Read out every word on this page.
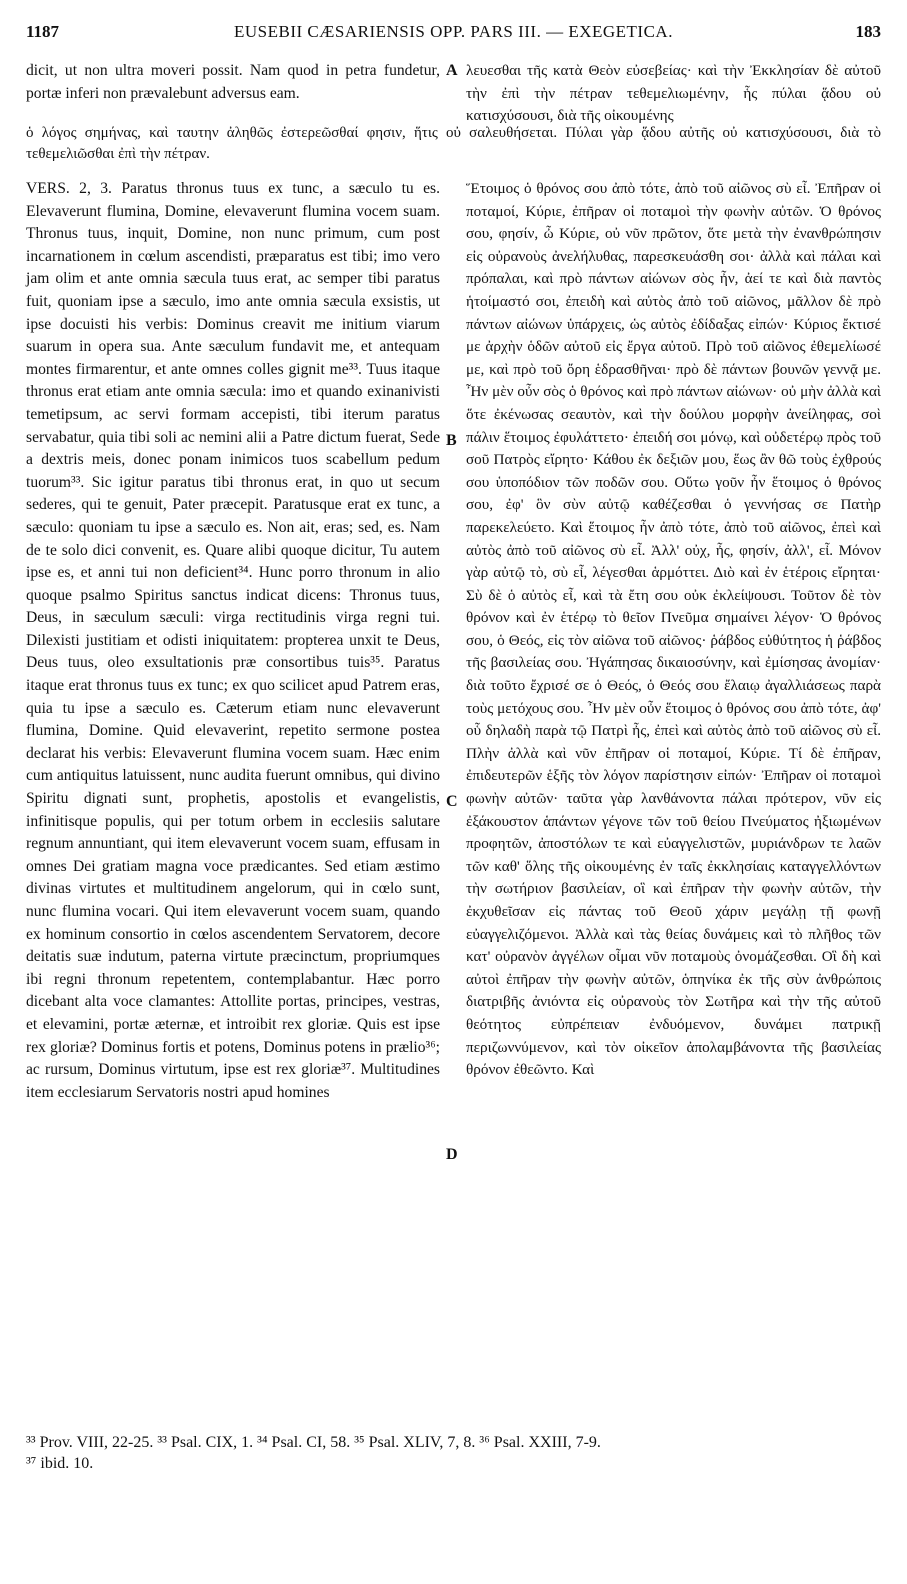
1187	EUSEBII CÆSARIENSIS OPP. PARS III. — EXEGETICA.	183
dicit, ut non ultra moveri possit. Nam quod in petra fundetur, portæ inferi non prævalebunt adversus eam.
λευεσθαι τῆς κατὰ Θεὸν εὐσεβείας· καὶ τὴν Ἐκκλησίαν δὲ αὐτοῦ τὴν ἐπὶ τὴν πέτραν τεθεμελιωμένην, ἧς πύλαι ᾅδου οὐ κατισχύσουσι, διὰ τῆς οἰκουμένης
ὁ λόγος σημήνας, καὶ ταυτην ἀληθῶς ἐστερεῶσθαί φησιν, ἥτις οὐ σαλευθήσεται. Πύλαι γὰρ ᾅδου αὐτῆς οὐ κατισχύσουσι, διὰ τὸ τεθεμελιῶσθαι ἐπὶ τὴν πέτραν.

VERS. 2, 3. Paratus thronus tuus ex tunc, a sæculo tu es. Elevaverunt flumina, Domine, elevaverunt flumina vocem suam. Thronus tuus, inquit, Domine, non nunc primum, cum post incarnationem in cœlum ascendisti, præparatus est tibi; imo vero jam olim et ante omnia sæcula tuus erat, ac semper tibi paratus fuit, quoniam ipse a sæculo, imo ante omnia sæcula exsistis, ut ipse docuisti his verbis: Dominus creavit me initium viarum suarum in opera sua. Ante sæculum fundavit me, et antequam montes firmarentur, et ante omnes colles gignit me³³. Tuus itaque thronus erat etiam ante omnia sæcula: imo et quando exinanivisti temetipsum, ac servi formam accepisti, tibi iterum paratus servabatur, quia tibi soli ac nemini alii a Patre dictum fuerat, Sede a dextris meis, donec ponam inimicos tuos scabellum pedum tuorum³³. Sic igitur paratus tibi thronus erat, in quo ut secum sederes, qui te genuit, Pater præcepit. Paratusque erat ex tunc, a sæculo: quoniam tu ipse a sæculo es. Non ait, eras; sed, es. Nam de te solo dici convenit, es. Quare alibi quoque dicitur, Tu autem ipse es, et anni tui non deficient³⁴. Hunc porro thronum in alio quoque psalmo Spiritus sanctus indicat dicens: Thronus tuus, Deus, in sæculum sæculi: virga rectitudinis virga regni tui. Dilexisti justitiam et odisti iniquitatem: propterea unxit te Deus, Deus tuus, oleo exsultationis præ consortibus tuis³⁵. Paratus itaque erat thronus tuus ex tunc; ex quo scilicet apud Patrem eras, quia tu ipse a sæculo es. Cæterum etiam nunc elevaverunt flumina, Domine. Quid elevaverint, repetito sermone postea declarat his verbis: Elevaverunt flumina vocem suam. Hæc enim cum antiquitus latuissent, nunc audita fuerunt omnibus, qui divino Spiritu dignati sunt, prophetis, apostolis et evangelistis, infinitisque populis, qui per totum orbem in ecclesiis salutare regnum annuntiant, qui item elevaverunt vocem suam, effusam in omnes Dei gratiam magna voce prædicantes. Sed etiam æstimo divinas virtutes et multitudinem angelorum, qui in cœlo sunt, nunc flumina vocari. Qui item elevaverunt vocem suam, quando ex hominum consortio in cœlos ascendentem Servatorem, decore deitatis suæ indutum, paterna virtute præcinctum, propriumques ibi regni thronum repetentem, contemplabantur. Hæc porro dicebant alta voce clamantes: Attollite portas, principes, vestras, et elevamini, portæ æternæ, et introibit rex gloriæ. Quis est ipse rex gloriæ? Dominus fortis et potens, Dominus potens in prælio³⁶; ac rursum, Dominus virtutum, ipse est rex gloriæ³⁷. Multitudines item ecclesiarum Servatoris nostri apud homines

Ἕτοιμος ὁ θρόνος σου ἀπὸ τότε, ἀπὸ τοῦ αἰῶνος σὺ εἶ. Ἐπῆραν οἱ ποταμοί, Κύριε, ἐπῆραν οἱ ποταμοὶ τὴν φωνὴν αὐτῶν. Ὁ θρόνος σου, φησίν, ὦ Κύριε, οὐ νῦν πρῶτον, ὅτε μετὰ τὴν ἐνανθρώπησιν εἰς οὐρανοὺς ἀνελήλυθας, παρεσκευάσθη σοι· ἀλλὰ καὶ πάλαι καὶ πρόπαλαι, καὶ πρὸ πάντων αἰώνων σὸς ἦν, ἀεί τε καὶ διὰ παντὸς ἡτοίμαστό σοι, ἐπειδὴ καὶ αὐτὸς ἀπὸ τοῦ αἰῶνος, μᾶλλον δὲ πρὸ πάντων αἰώνων ὑπάρχεις, ὡς αὐτὸς ἐδίδαξας εἰπών· Κύριος ἔκτισέ με ἀρχὴν ὁδῶν αὐτοῦ εἰς ἔργα αὐτοῦ. Πρὸ τοῦ αἰῶνος ἐθεμελίωσέ με, καὶ πρὸ τοῦ ὄρη ἑδρασθῆναι· πρὸ δὲ πάντων βουνῶν γεννᾷ με. Ἦν μὲν οὖν σὸς ὁ θρόνος καὶ πρὸ πάντων αἰώνων· οὐ μὴν ἀλλὰ καὶ ὅτε ἐκένωσας σεαυτὸν, καὶ τὴν δούλου μορφὴν ἀνείληφας, σοὶ πάλιν ἕτοιμος ἐφυλάττετο· ἐπειδή σοι μόνῳ, καὶ οὐδετέρῳ πρὸς τοῦ σοῦ Πατρὸς εἴρητο· Κάθου ἐκ δεξιῶν μου, ἕως ἂν θῶ τοὺς ἐχθρούς σου ὑποπόδιον τῶν ποδῶν σου. Οὕτω γοῦν ἦν ἕτοιμος ὁ θρόνος σου, ἐφ' ὃν σὺν αὐτῷ καθέζεσθαι ὁ γεννήσας σε Πατὴρ παρεκελεύετο. Καὶ ἕτοιμος ἦν ἀπὸ τότε, ἀπὸ τοῦ αἰῶνος, ἐπεὶ καὶ αὐτὸς ἀπὸ τοῦ αἰῶνος σὺ εἶ. Ἀλλ' οὐχ, ἦς, φησίν, ἀλλ', εἶ. Μόνον γὰρ αὐτῷ τὸ, σὺ εἶ, λέγεσθαι ἁρμόττει. Διὸ καὶ ἐν ἑτέροις εἴρηται· Σὺ δὲ ὁ αὐτὸς εἶ, καὶ τὰ ἔτη σου οὐκ ἐκλείψουσι. Τοῦτον δὲ τὸν θρόνον καὶ ἐν ἑτέρῳ τὸ θεῖον Πνεῦμα σημαίνει λέγον· Ὁ θρόνος σου, ὁ Θεός, εἰς τὸν αἰῶνα τοῦ αἰῶνος· ῥάβδος εὐθύτητος ἡ ῥάβδος τῆς βασιλείας σου. Ἠγάπησας δικαιοσύνην, καὶ ἐμίσησας ἀνομίαν· διὰ τοῦτο ἔχρισέ σε ὁ Θεός, ὁ Θεός σου ἔλαιῳ ἀγαλλιάσεως παρὰ τοὺς μετόχους σου. Ἦν μὲν οὖν ἕτοιμος ὁ θρόνος σου ἀπὸ τότε, ἀφ' οὗ δηλαδὴ παρὰ τῷ Πατρὶ ἦς, ἐπεὶ καὶ αὐτὸς ἀπὸ τοῦ αἰῶνος σὺ εἶ. Πλὴν ἀλλὰ καὶ νῦν ἐπῆραν οἱ ποταμοί, Κύριε. Τί δὲ ἐπῆραν, ἐπιδευτερῶν ἑξῆς τὸν λόγον παρίστησιν εἰπών· Ἐπῆραν οἱ ποταμοὶ φωνὴν αὐτῶν· ταῦτα γὰρ λανθάνοντα πάλαι πρότερον, νῦν εἰς ἐξάκουστον ἁπάντων γέγονε τῶν τοῦ θείου Πνεύματος ἠξιωμένων προφητῶν, ἀποστόλων τε καὶ εὐαγγελιστῶν, μυριάνδρων τε λαῶν τῶν καθ' ὅλης τῆς οἰκουμένης ἐν ταῖς ἐκκλησίαις καταγγελλόντων τὴν σωτήριον βασιλείαν, οἳ καὶ ἐπῆραν τὴν φωνὴν αὐτῶν, τὴν ἐκχυθεῖσαν εἰς πάντας τοῦ Θεοῦ χάριν μεγάλῃ τῇ φωνῇ εὐαγγελιζόμενοι. Ἀλλὰ καὶ τὰς θείας δυνάμεις καὶ τὸ πλῆθος τῶν κατ' οὐρανὸν ἀγγέλων οἶμαι νῦν ποταμοὺς ὀνομάζεσθαι. Οἳ δὴ καὶ αὐτοὶ ἐπῆραν τὴν φωνὴν αὐτῶν, ὁπηνίκα ἐκ τῆς σὺν ἀνθρώποις διατριβῆς ἀνιόντα εἰς οὐρανοὺς τὸν Σωτῆρα καὶ τὴν τῆς αὐτοῦ θεότητος εὐπρέπειαν ἐνδυόμενον, δυνάμει πατρικῇ περιζωννύμενον, καὶ τὸν οἰκεῖον ἀπολαμβάνοντα τῆς βασιλείας θρόνον ἐθεῶντο. Καὶ

A
B
C
D
³³ Prov. VIII, 22-25. ³³ Psal. CIX, 1. ³⁴ Psal. CI, 58. ³⁵ Psal. XLIV, 7, 8. ³⁶ Psal. XXIII, 7-9.
³⁷ ibid. 10.
